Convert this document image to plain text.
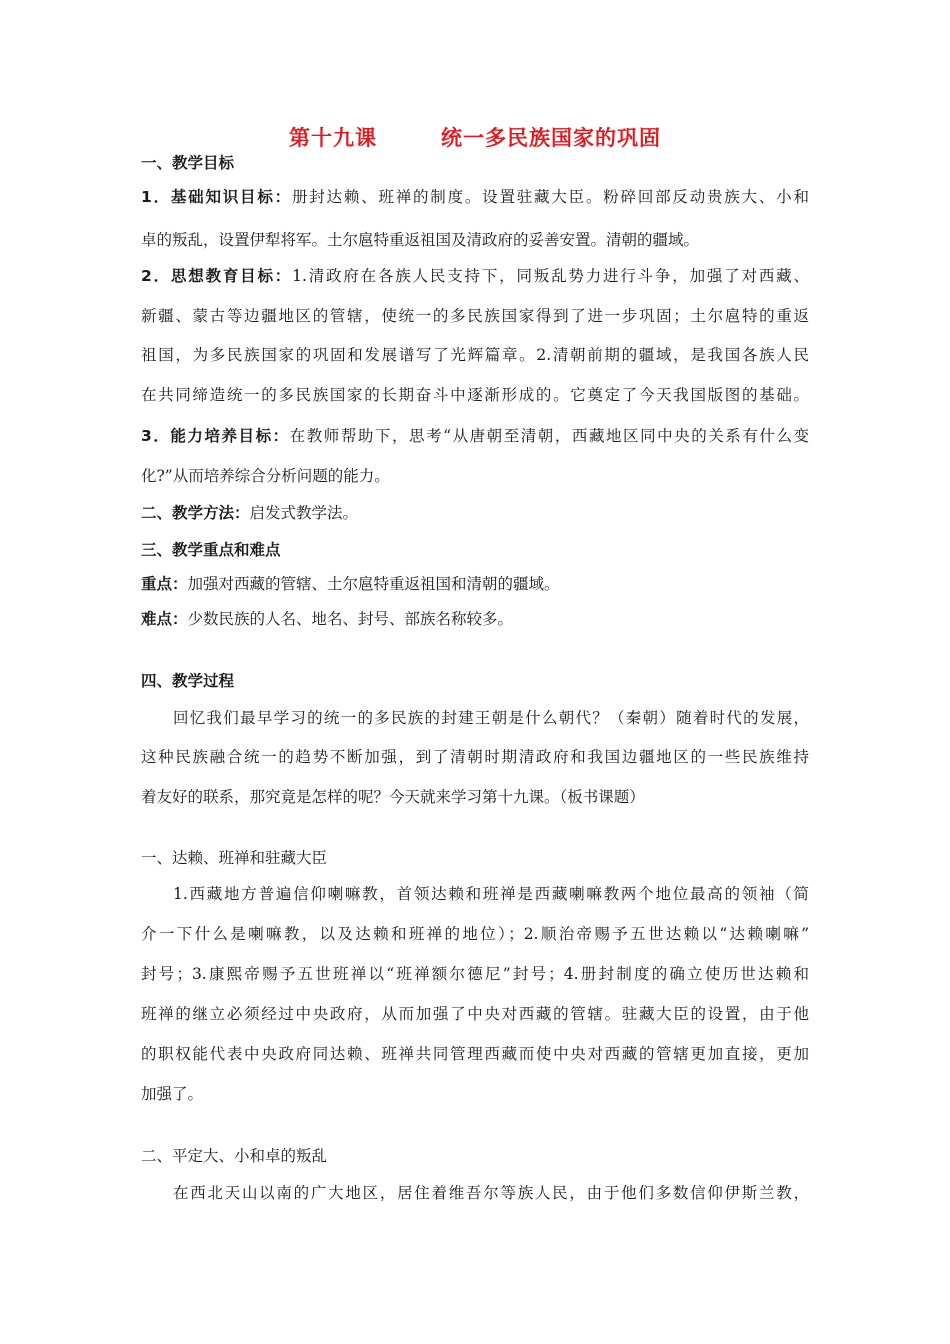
第十九课	统一多民族国家的巩固
一、教学目标
1．基础知识目标：册封达赖、班禅的制度。设置驻藏大臣。粉碎回部反动贵族大、小和
卓的叛乱，设置伊犁将军。土尔扈特重返祖国及清政府的妥善安置。清朝的疆域。
2．思想教育目标：1.清政府在各族人民支持下，同叛乱势力进行斗争，加强了对西藏、
新疆、蒙古等边疆地区的管辖，使统一的多民族国家得到了进一步巩固；土尔扈特的重返
祖国，为多民族国家的巩固和发展谱写了光辉篇章。2.清朝前期的疆域，是我国各族人民
在共同缔造统一的多民族国家的长期奋斗中逐渐形成的。它奠定了今天我国版图的基础。
3．能力培养目标：在教师帮助下，思考“从唐朝至清朝，西藏地区同中央的关系有什么变
化?”从而培养综合分析问题的能力。
二、教学方法：启发式教学法。
三、教学重点和难点
重点：加强对西藏的管辖、土尔扈特重返祖国和清朝的疆域。
难点：少数民族的人名、地名、封号、部族名称较多。
四、教学过程
回忆我们最早学习的统一的多民族的封建王朝是什么朝代？（秦朝）随着时代的发展，
这种民族融合统一的趋势不断加强，到了清朝时期清政府和我国边疆地区的一些民族维持
着友好的联系，那究竟是怎样的呢？今天就来学习第十九课。（板书课题）
一、达赖、班禅和驻藏大臣
1.西藏地方普遍信仰喇嘛教，首领达赖和班禅是西藏喇嘛教两个地位最高的领袖（简
介一下什么是喇嘛教，以及达赖和班禅的地位）；2.顺治帝赐予五世达赖以“达赖喇嘛”
封号；3.康熙帝赐予五世班禅以“班禅额尔德尼”封号；4.册封制度的确立使历世达赖和
班禅的继立必须经过中央政府，从而加强了中央对西藏的管辖。驻藏大臣的设置，由于他
的职权能代表中央政府同达赖、班禅共同管理西藏而使中央对西藏的管辖更加直接，更加
加强了。
二、平定大、小和卓的叛乱
在西北天山以南的广大地区，居住着维吾尔等族人民，由于他们多数信仰伊斯兰教，
